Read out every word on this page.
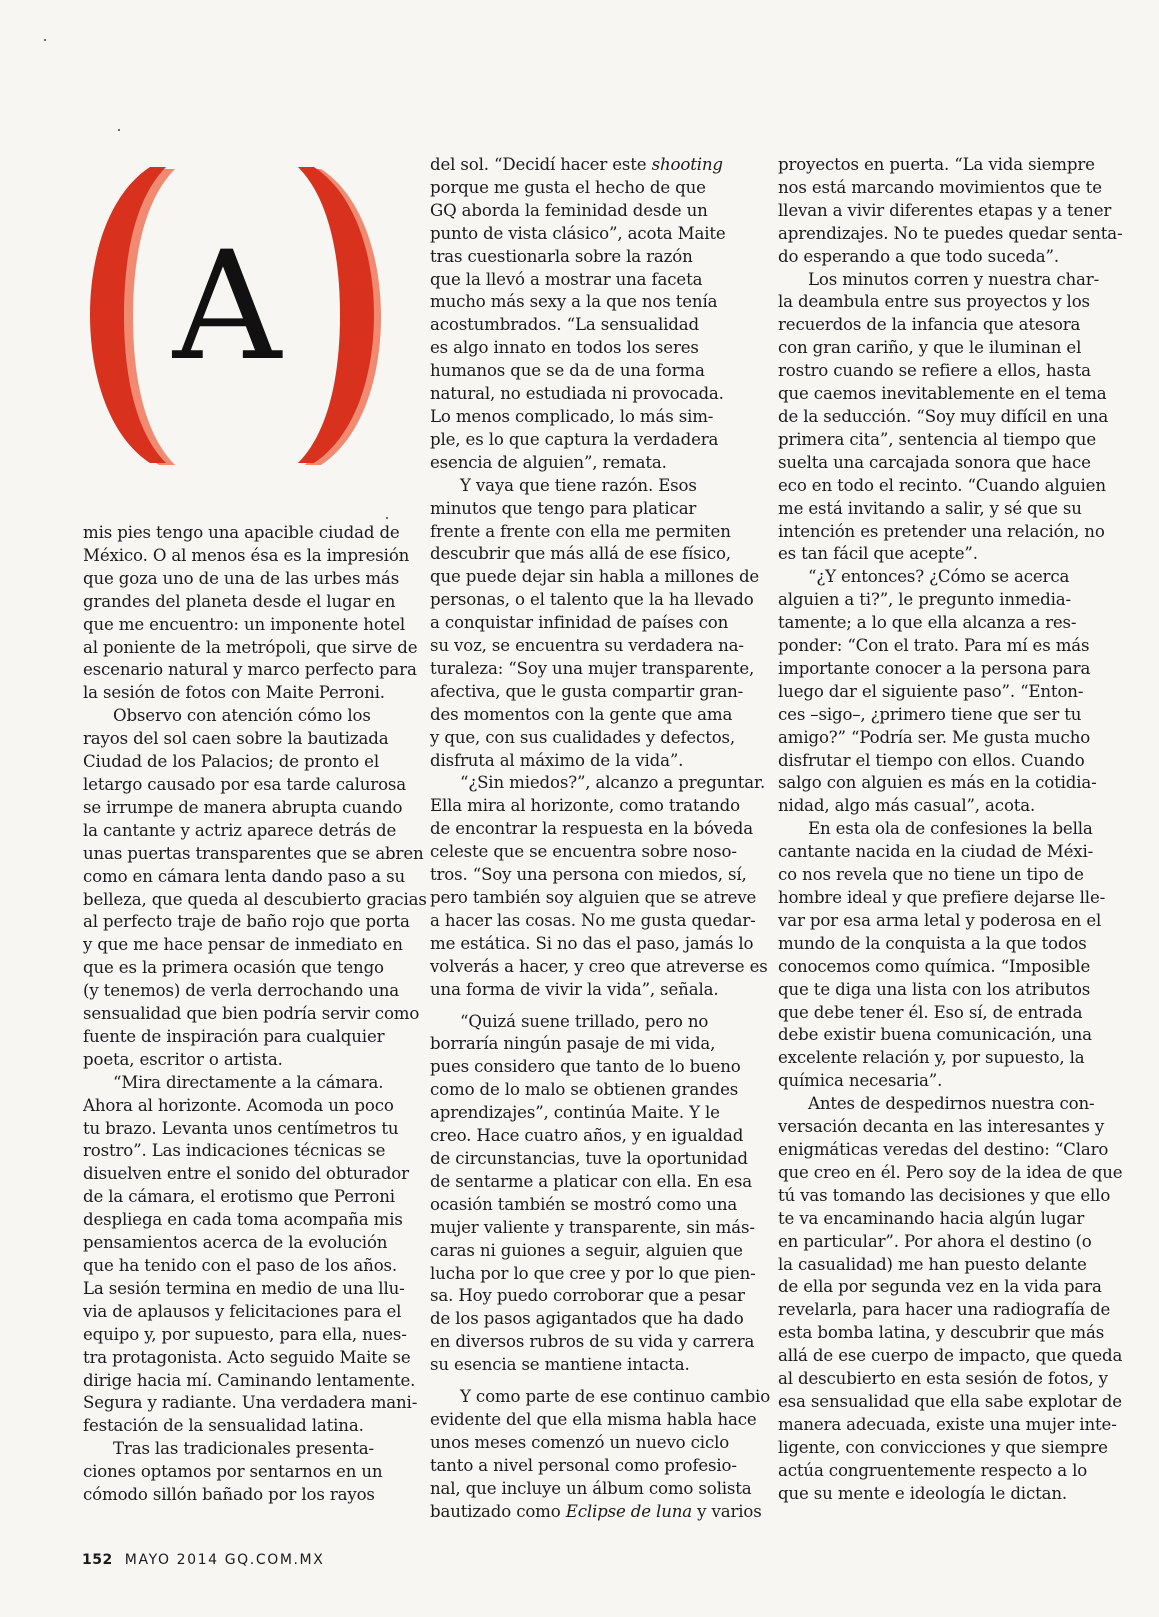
A
mis pies tengo una apacible ciudad de
México. O al menos ésa es la impresión
que goza uno de una de las urbes más
grandes del planeta desde el lugar en
que me encuentro: un imponente hotel
al poniente de la metrópoli, que sirve de
escenario natural y marco perfecto para
la sesión de fotos con Maite Perroni.
Observo con atención cómo los
rayos del sol caen sobre la bautizada
Ciudad de los Palacios; de pronto el
letargo causado por esa tarde calurosa
se irrumpe de manera abrupta cuando
la cantante y actriz aparece detrás de
unas puertas transparentes que se abren
como en cámara lenta dando paso a su
belleza, que queda al descubierto gracias
al perfecto traje de baño rojo que porta
y que me hace pensar de inmediato en
que es la primera ocasión que tengo
(y tenemos) de verla derrochando una
sensualidad que bien podría servir como
fuente de inspiración para cualquier
poeta, escritor o artista.
“Mira directamente a la cámara.
Ahora al horizonte. Acomoda un poco
tu brazo. Levanta unos centímetros tu
rostro”. Las indicaciones técnicas se
disuelven entre el sonido del obturador
de la cámara, el erotismo que Perroni
despliega en cada toma acompaña mis
pensamientos acerca de la evolución
que ha tenido con el paso de los años.
La sesión termina en medio de una llu-
via de aplausos y felicitaciones para el
equipo y, por supuesto, para ella, nues-
tra protagonista. Acto seguido Maite se
dirige hacia mí. Caminando lentamente.
Segura y radiante. Una verdadera mani-
festación de la sensualidad latina.
Tras las tradicionales presenta-
ciones optamos por sentarnos en un
cómodo sillón bañado por los rayos
del sol. “Decidí hacer este shooting
porque me gusta el hecho de que
GQ aborda la feminidad desde un
punto de vista clásico”, acota Maite
tras cuestionarla sobre la razón
que la llevó a mostrar una faceta
mucho más sexy a la que nos tenía
acostumbrados. “La sensualidad
es algo innato en todos los seres
humanos que se da de una forma
natural, no estudiada ni provocada.
Lo menos complicado, lo más sim-
ple, es lo que captura la verdadera
esencia de alguien”, remata.
Y vaya que tiene razón. Esos
minutos que tengo para platicar
frente a frente con ella me permiten
descubrir que más allá de ese físico,
que puede dejar sin habla a millones de
personas, o el talento que la ha llevado
a conquistar infinidad de países con
su voz, se encuentra su verdadera na-
turaleza: “Soy una mujer transparente,
afectiva, que le gusta compartir gran-
des momentos con la gente que ama
y que, con sus cualidades y defectos,
disfruta al máximo de la vida”.
“¿Sin miedos?”, alcanzo a preguntar.
Ella mira al horizonte, como tratando
de encontrar la respuesta en la bóveda
celeste que se encuentra sobre noso-
tros. “Soy una persona con miedos, sí,
pero también soy alguien que se atreve
a hacer las cosas. No me gusta quedar-
me estática. Si no das el paso, jamás lo
volverás a hacer, y creo que atreverse es
una forma de vivir la vida”, señala.
“Quizá suene trillado, pero no
borraría ningún pasaje de mi vida,
pues considero que tanto de lo bueno
como de lo malo se obtienen grandes
aprendizajes”, continúa Maite. Y le
creo. Hace cuatro años, y en igualdad
de circunstancias, tuve la oportunidad
de sentarme a platicar con ella. En esa
ocasión también se mostró como una
mujer valiente y transparente, sin más-
caras ni guiones a seguir, alguien que
lucha por lo que cree y por lo que pien-
sa. Hoy puedo corroborar que a pesar
de los pasos agigantados que ha dado
en diversos rubros de su vida y carrera
su esencia se mantiene intacta.
Y como parte de ese continuo cambio
evidente del que ella misma habla hace
unos meses comenzó un nuevo ciclo
tanto a nivel personal como profesio-
nal, que incluye un álbum como solista
bautizado como Eclipse de luna y varios
proyectos en puerta. “La vida siempre
nos está marcando movimientos que te
llevan a vivir diferentes etapas y a tener
aprendizajes. No te puedes quedar senta-
do esperando a que todo suceda”.
Los minutos corren y nuestra char-
la deambula entre sus proyectos y los
recuerdos de la infancia que atesora
con gran cariño, y que le iluminan el
rostro cuando se refiere a ellos, hasta
que caemos inevitablemente en el tema
de la seducción. “Soy muy difícil en una
primera cita”, sentencia al tiempo que
suelta una carcajada sonora que hace
eco en todo el recinto. “Cuando alguien
me está invitando a salir, y sé que su
intención es pretender una relación, no
es tan fácil que acepte”.
“¿Y entonces? ¿Cómo se acerca
alguien a ti?”, le pregunto inmedia-
tamente; a lo que ella alcanza a res-
ponder: “Con el trato. Para mí es más
importante conocer a la persona para
luego dar el siguiente paso”. “Enton-
ces –sigo–, ¿primero tiene que ser tu
amigo?” “Podría ser. Me gusta mucho
disfrutar el tiempo con ellos. Cuando
salgo con alguien es más en la cotidia-
nidad, algo más casual”, acota.
En esta ola de confesiones la bella
cantante nacida en la ciudad de Méxi-
co nos revela que no tiene un tipo de
hombre ideal y que prefiere dejarse lle-
var por esa arma letal y poderosa en el
mundo de la conquista a la que todos
conocemos como química. “Imposible
que te diga una lista con los atributos
que debe tener él. Eso sí, de entrada
debe existir buena comunicación, una
excelente relación y, por supuesto, la
química necesaria”.
Antes de despedirnos nuestra con-
versación decanta en las interesantes y
enigmáticas veredas del destino: “Claro
que creo en él. Pero soy de la idea de que
tú vas tomando las decisiones y que ello
te va encaminando hacia algún lugar
en particular”. Por ahora el destino (o
la casualidad) me han puesto delante
de ella por segunda vez en la vida para
revelarla, para hacer una radiografía de
esta bomba latina, y descubrir que más
allá de ese cuerpo de impacto, que queda
al descubierto en esta sesión de fotos, y
esa sensualidad que ella sabe explotar de
manera adecuada, existe una mujer inte-
ligente, con convicciones y que siempre
actúa congruentemente respecto a lo
que su mente e ideología le dictan.
152 MAYO 2014 GQ.COM.MX
